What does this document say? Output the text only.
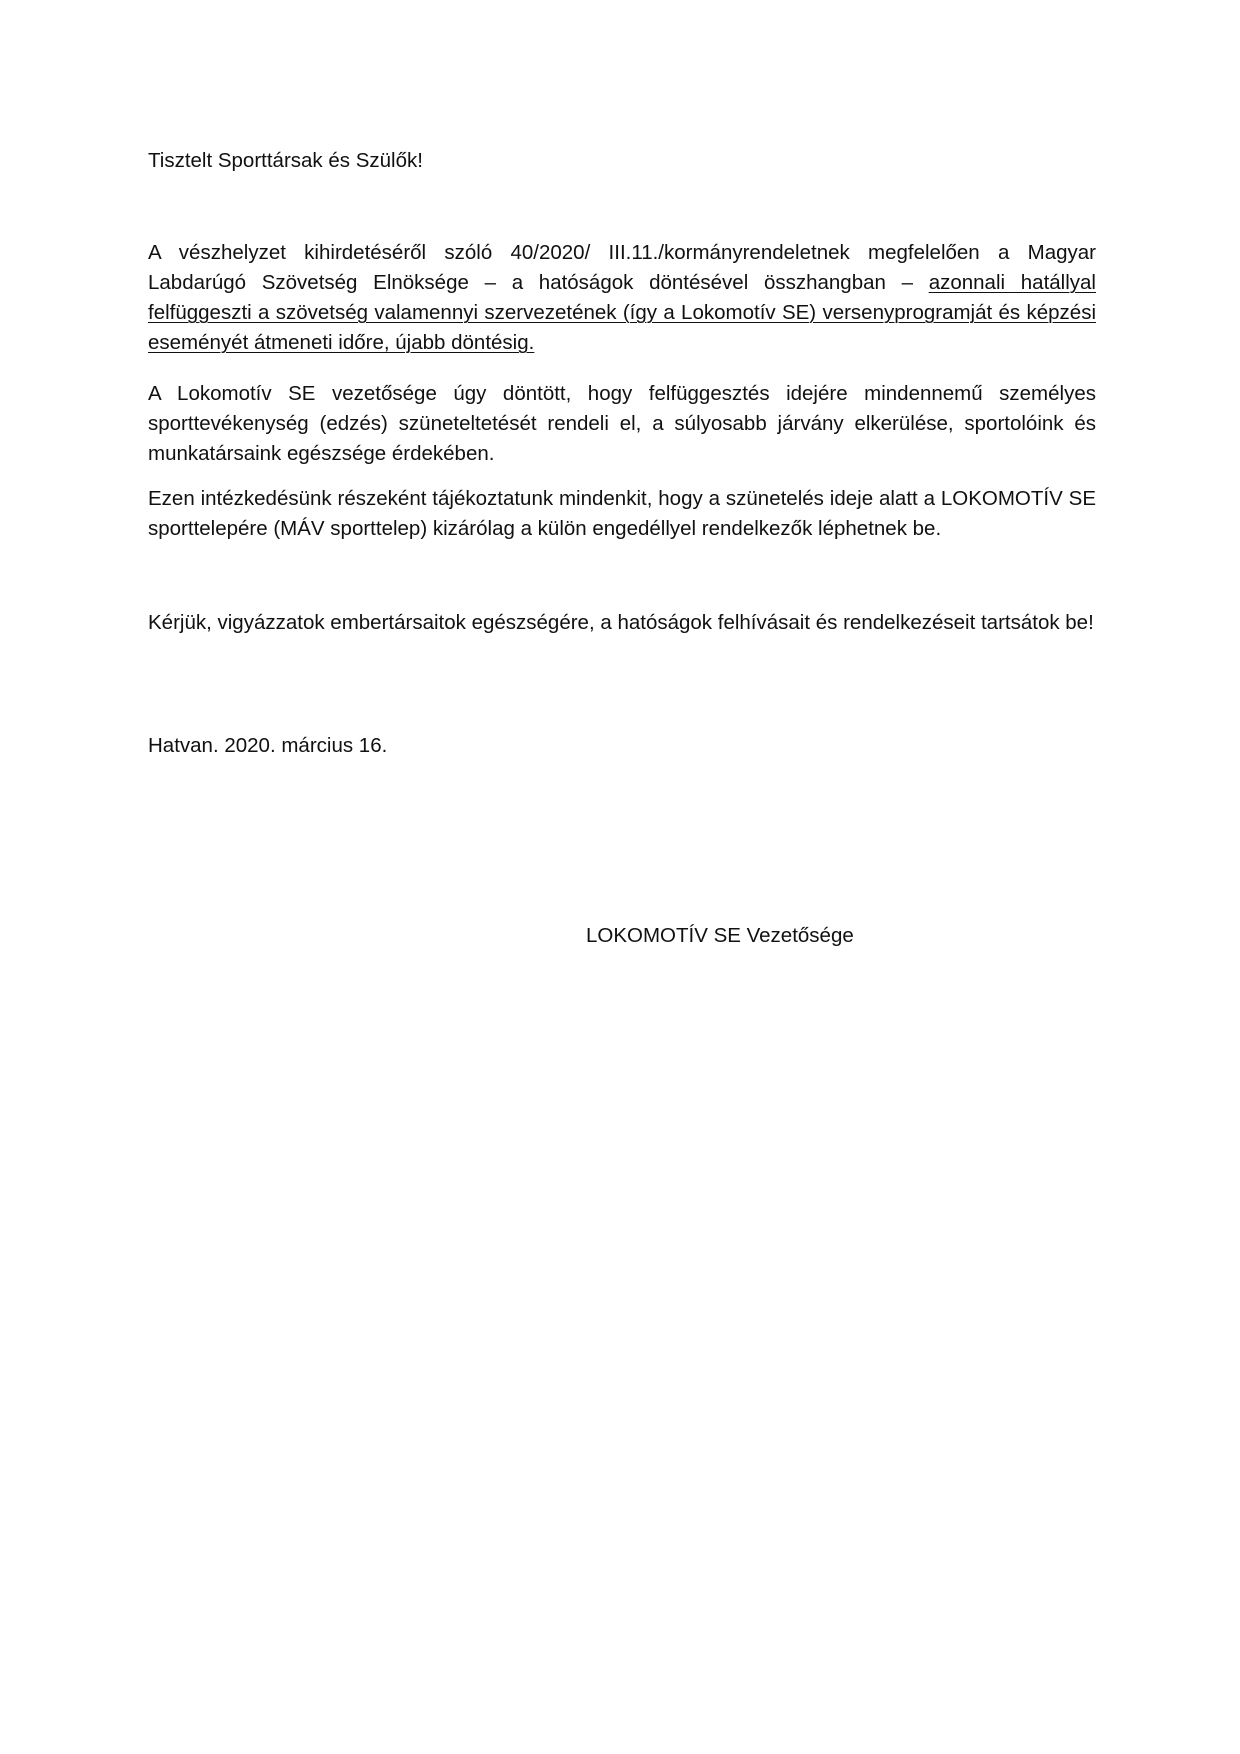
Tisztelt Sporttársak és Szülők!

A vészhelyzet kihirdetéséről szóló 40/2020/ III.11./kormányrendeletnek megfelelően a Magyar Labdarúgó Szövetség Elnöksége – a hatóságok döntésével összhangban – azonnali hatállyal felfüggeszti a szövetség valamennyi szervezetének (így a Lokomotív SE) versenyprogramját és képzési eseményét átmeneti időre, újabb döntésig.

A Lokomotív SE vezetősége úgy döntött, hogy felfüggesztés idejére mindennemű személyes sporttevékenység (edzés) szüneteltetését rendeli el, a súlyosabb járvány elkerülése, sportolóink és munkatársaink egészsége érdekében.

Ezen intézkedésünk részeként tájékoztatunk mindenkit, hogy a szünetelés ideje alatt a LOKOMOTÍV SE sporttelepére (MÁV sporttelep) kizárólag a külön engedéllyel rendelkezők léphetnek be.

Kérjük, vigyázzatok embertársaitok egészségére, a hatóságok felhívásait és rendelkezéseit tartsátok be!

Hatvan. 2020. március 16.

LOKOMOTÍV SE Vezetősége
